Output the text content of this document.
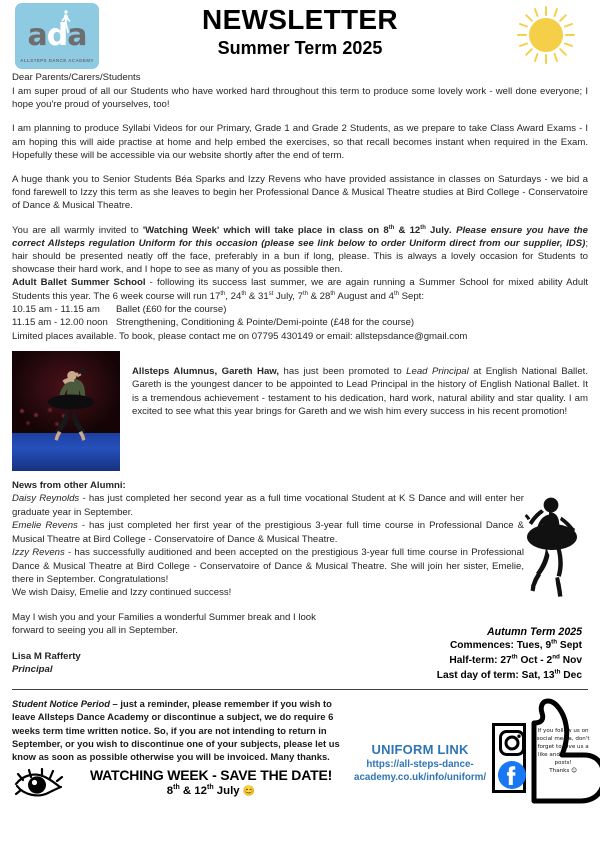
ada
ALLSTEPS DANCE ACADEMY
NEWSLETTER
Summer Term 2025
Dear Parents/Carers/Students

I am super proud of all our Students who have worked hard throughout this term to produce some lovely work - well done everyone; I hope you're proud of yourselves, too!

I am planning to produce Syllabi Videos for our Primary, Grade 1 and Grade 2 Students, as we prepare to take Class Award Exams - I am hoping this will aide practise at home and help embed the exercises, so that recall becomes instant when required in the Exam. Hopefully these will be accessible via our website shortly after the end of term.

A huge thank you to Senior Students Béa Sparks and Izzy Revens who have provided assistance in classes on Saturdays - we bid a fond farewell to Izzy this term as she leaves to begin her Professional Dance & Musical Theatre studies at Bird College - Conservatoire of Dance & Musical Theatre.

You are all warmly invited to 'Watching Week' which will take place in class on 8th & 12th July. Please ensure you have the correct Allsteps regulation Uniform for this occasion (please see link below to order Uniform direct from our supplier, IDS); hair should be presented neatly off the face, preferably in a bun if long, please. This is always a lovely occasion for Students to showcase their hard work, and I hope to see as many of you as possible then.

Adult Ballet Summer School - following its success last summer, we are again running a Summer School for mixed ability Adult Students this year. The 6 week course will run 17th, 24th & 31st July, 7th & 28th August and 4th Sept:

10.15 am - 11.15 am Ballet (£60 for the course)

11.15 am - 12.00 noon Strengthening, Conditioning & Pointe/Demi-pointe (£48 for the course)

Limited places available. To book, please contact me on 07795 430149 or email: allstepsdance@gmail.com

Allsteps Alumnus, Gareth Haw, has just been promoted to Lead Principal at English National Ballet. Gareth is the youngest dancer to be appointed to Lead Principal in the history of English National Ballet. It is a tremendous achievement - testament to his dedication, hard work, natural ability and star quality. I am excited to see what this year brings for Gareth and we wish him every success in his recent promotion!

News from other Alumni:

Daisy Reynolds - has just completed her second year as a full time vocational Student at K S Dance and will enter her graduate year in September.

Emelie Revens - has just completed her first year of the prestigious 3-year full time course in Professional Dance & Musical Theatre at Bird College - Conservatoire of Dance & Musical Theatre.

Izzy Revens - has successfully auditioned and been accepted on the prestigious 3-year full time course in Professional Dance & Musical Theatre at Bird College - Conservatoire of Dance & Musical Theatre. She will join her sister, Emelie, there in September. Congratulations!

We wish Daisy, Emelie and Izzy continued success!

May I wish you and your Families a wonderful Summer break and I look forward to seeing you all in September.
Lisa M Rafferty
Principal
Autumn Term 2025
Commences: Tues, 9th Sept
Half-term: 27th Oct - 2nd Nov
Last day of term: Sat, 13th Dec
Student Notice Period – just a reminder, please remember if you wish to leave Allsteps Dance Academy or discontinue a subject, we do require 6 weeks term time written notice. So, if you are not intending to return in September, or you wish to discontinue one of your subjects, please let us know as soon as possible otherwise you will be invoiced. Many thanks.
WATCHING WEEK - SAVE THE DATE!
8th & 12th July 😊
UNIFORM LINK
https://all-steps-dance-
academy.co.uk/info/uniform/
If you follow us on
social media, don't
forget to give us a
like and share our
posts!
Thanks 😊
